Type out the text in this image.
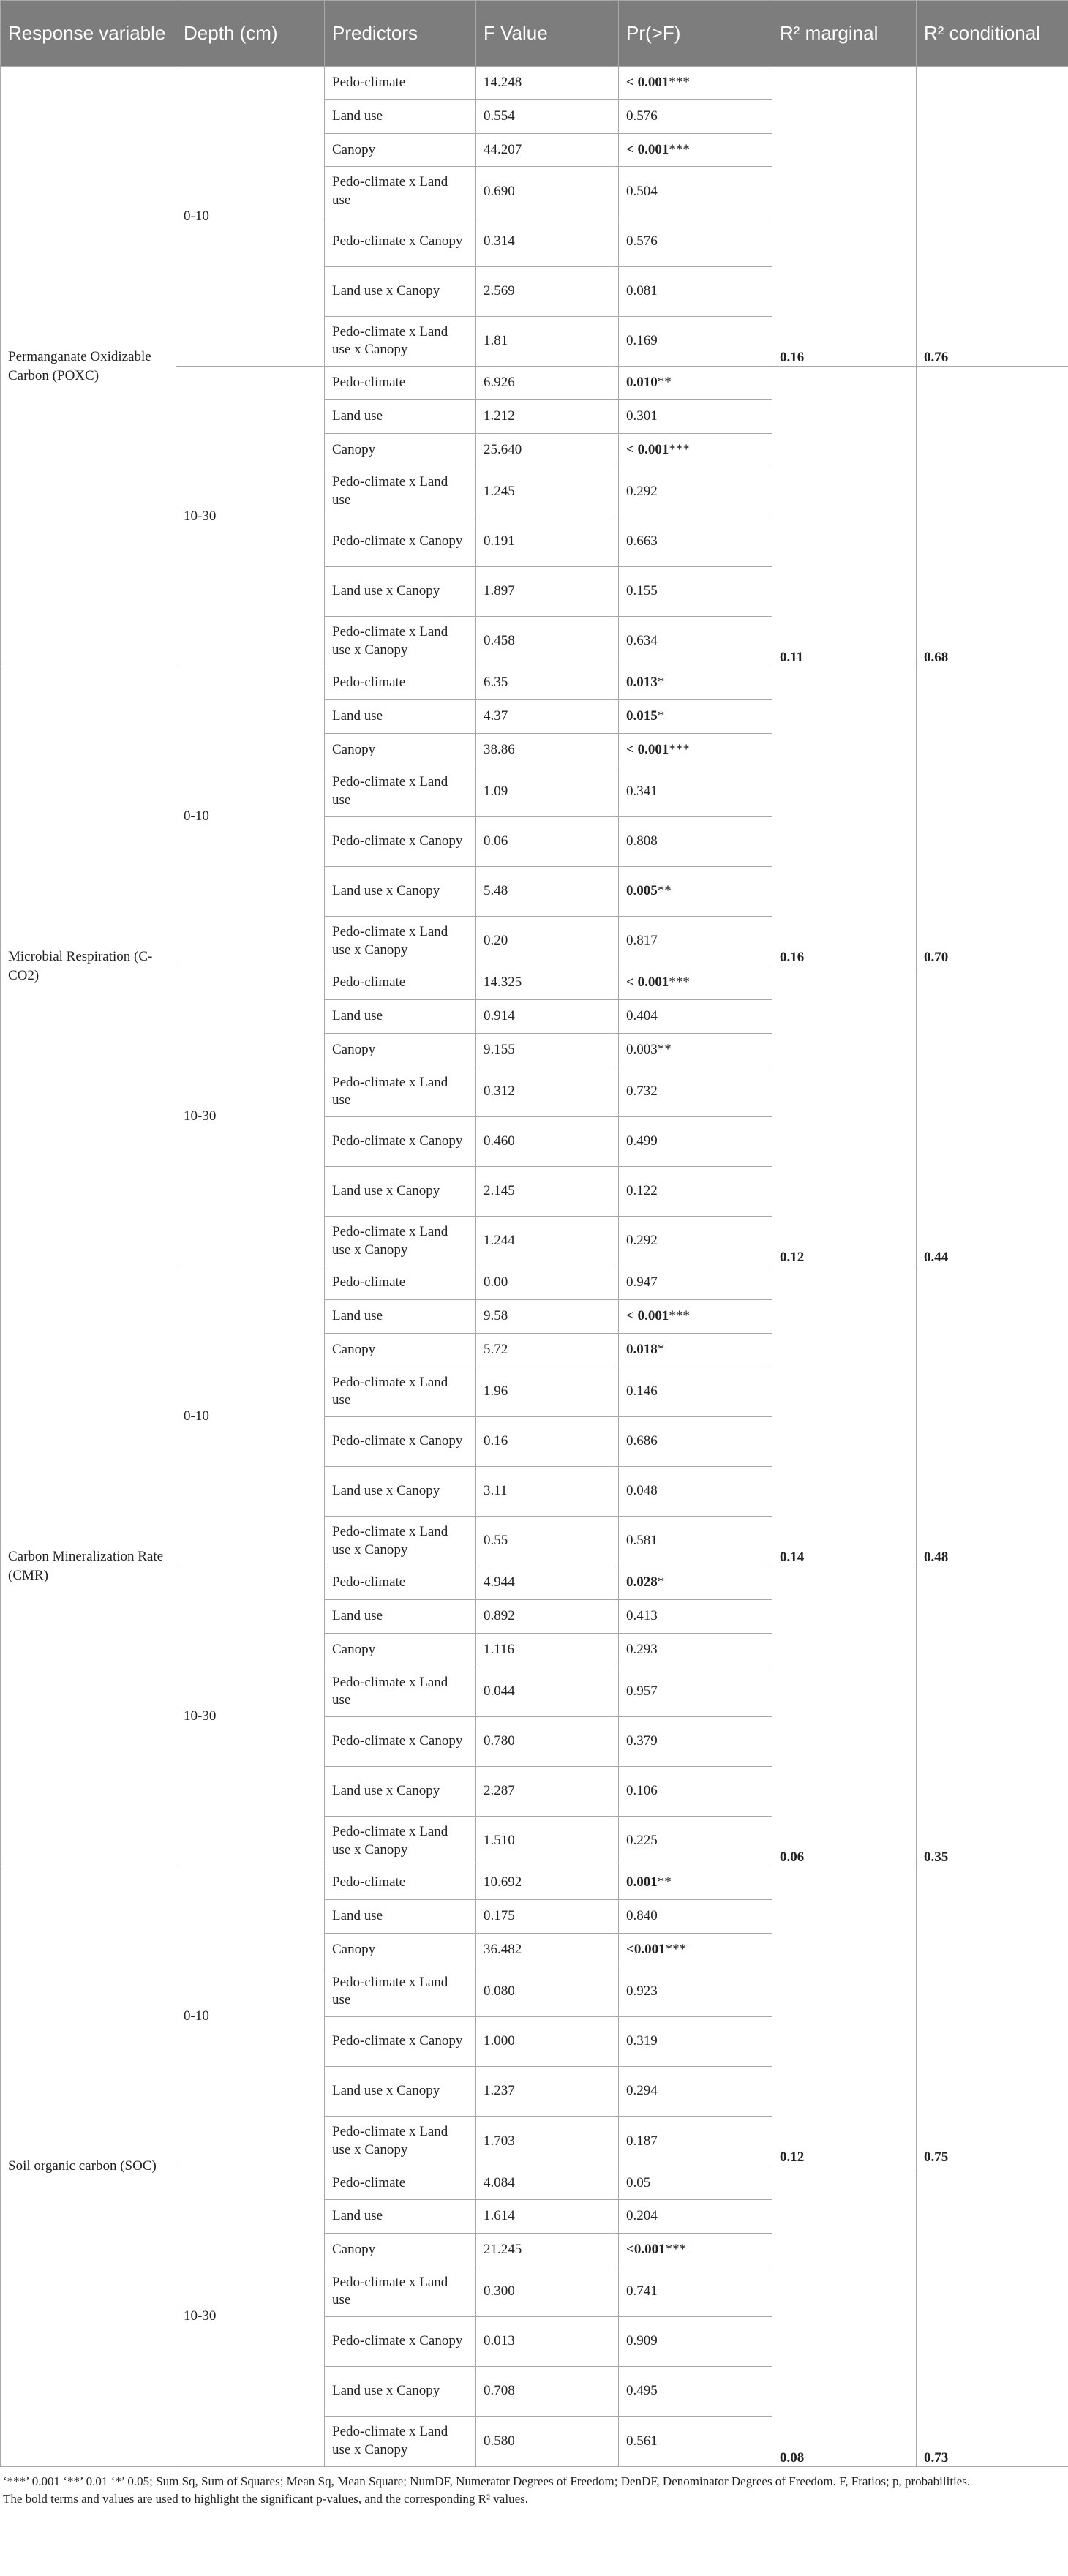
Response variable	Depth (cm)	Predictors	F Value	Pr(>F)	R² marginal	R² conditional
Permanganate Oxidizable Carbon (POXC)	0-10	Pedo-climate	14.248	< 0.001***	0.16	0.76
		Land use	0.554	0.576		
		Canopy	44.207	< 0.001***		
		Pedo-climate x Land use	0.690	0.504		
		Pedo-climate x Canopy	0.314	0.576		
		Land use x Canopy	2.569	0.081		
		Pedo-climate x Land use x Canopy	1.81	0.169		
	10-30	Pedo-climate	6.926	0.010**	0.11	0.68
		Land use	1.212	0.301		
		Canopy	25.640	< 0.001***		
		Pedo-climate x Land use	1.245	0.292		
		Pedo-climate x Canopy	0.191	0.663		
		Land use x Canopy	1.897	0.155		
		Pedo-climate x Land use x Canopy	0.458	0.634		
Microbial Respiration (C-CO2)	0-10	Pedo-climate	6.35	0.013*	0.16	0.70
		Land use	4.37	0.015*		
		Canopy	38.86	< 0.001***		
		Pedo-climate x Land use	1.09	0.341		
		Pedo-climate x Canopy	0.06	0.808		
		Land use x Canopy	5.48	0.005**		
		Pedo-climate x Land use x Canopy	0.20	0.817		
	10-30	Pedo-climate	14.325	< 0.001***	0.12	0.44
		Land use	0.914	0.404		
		Canopy	9.155	0.003**		
		Pedo-climate x Land use	0.312	0.732		
		Pedo-climate x Canopy	0.460	0.499		
		Land use x Canopy	2.145	0.122		
		Pedo-climate x Land use x Canopy	1.244	0.292		
Carbon Mineralization Rate (CMR)	0-10	Pedo-climate	0.00	0.947	0.14	0.48
		Land use	9.58	< 0.001***		
		Canopy	5.72	0.018*		
		Pedo-climate x Land use	1.96	0.146		
		Pedo-climate x Canopy	0.16	0.686		
		Land use x Canopy	3.11	0.048		
		Pedo-climate x Land use x Canopy	0.55	0.581		
	10-30	Pedo-climate	4.944	0.028*	0.06	0.35
		Land use	0.892	0.413		
		Canopy	1.116	0.293		
		Pedo-climate x Land use	0.044	0.957		
		Pedo-climate x Canopy	0.780	0.379		
		Land use x Canopy	2.287	0.106		
		Pedo-climate x Land use x Canopy	1.510	0.225		
Soil organic carbon (SOC)	0-10	Pedo-climate	10.692	0.001**	0.12	0.75
		Land use	0.175	0.840		
		Canopy	36.482	<0.001***		
		Pedo-climate x Land use	0.080	0.923		
		Pedo-climate x Canopy	1.000	0.319		
		Land use x Canopy	1.237	0.294		
		Pedo-climate x Land use x Canopy	1.703	0.187		
	10-30	Pedo-climate	4.084	0.05	0.08	0.73
		Land use	1.614	0.204		
		Canopy	21.245	<0.001***		
		Pedo-climate x Land use	0.300	0.741		
		Pedo-climate x Canopy	0.013	0.909		
		Land use x Canopy	0.708	0.495		
		Pedo-climate x Land use x Canopy	0.580	0.561		
‘***’ 0.001 ‘**’ 0.01 ‘*’ 0.05; Sum Sq, Sum of Squares; Mean Sq, Mean Square; NumDF, Numerator Degrees of Freedom; DenDF, Denominator Degrees of Freedom. F, Fratios; p, probabilities.
The bold terms and values are used to highlight the significant p-values, and the corresponding R² values.
